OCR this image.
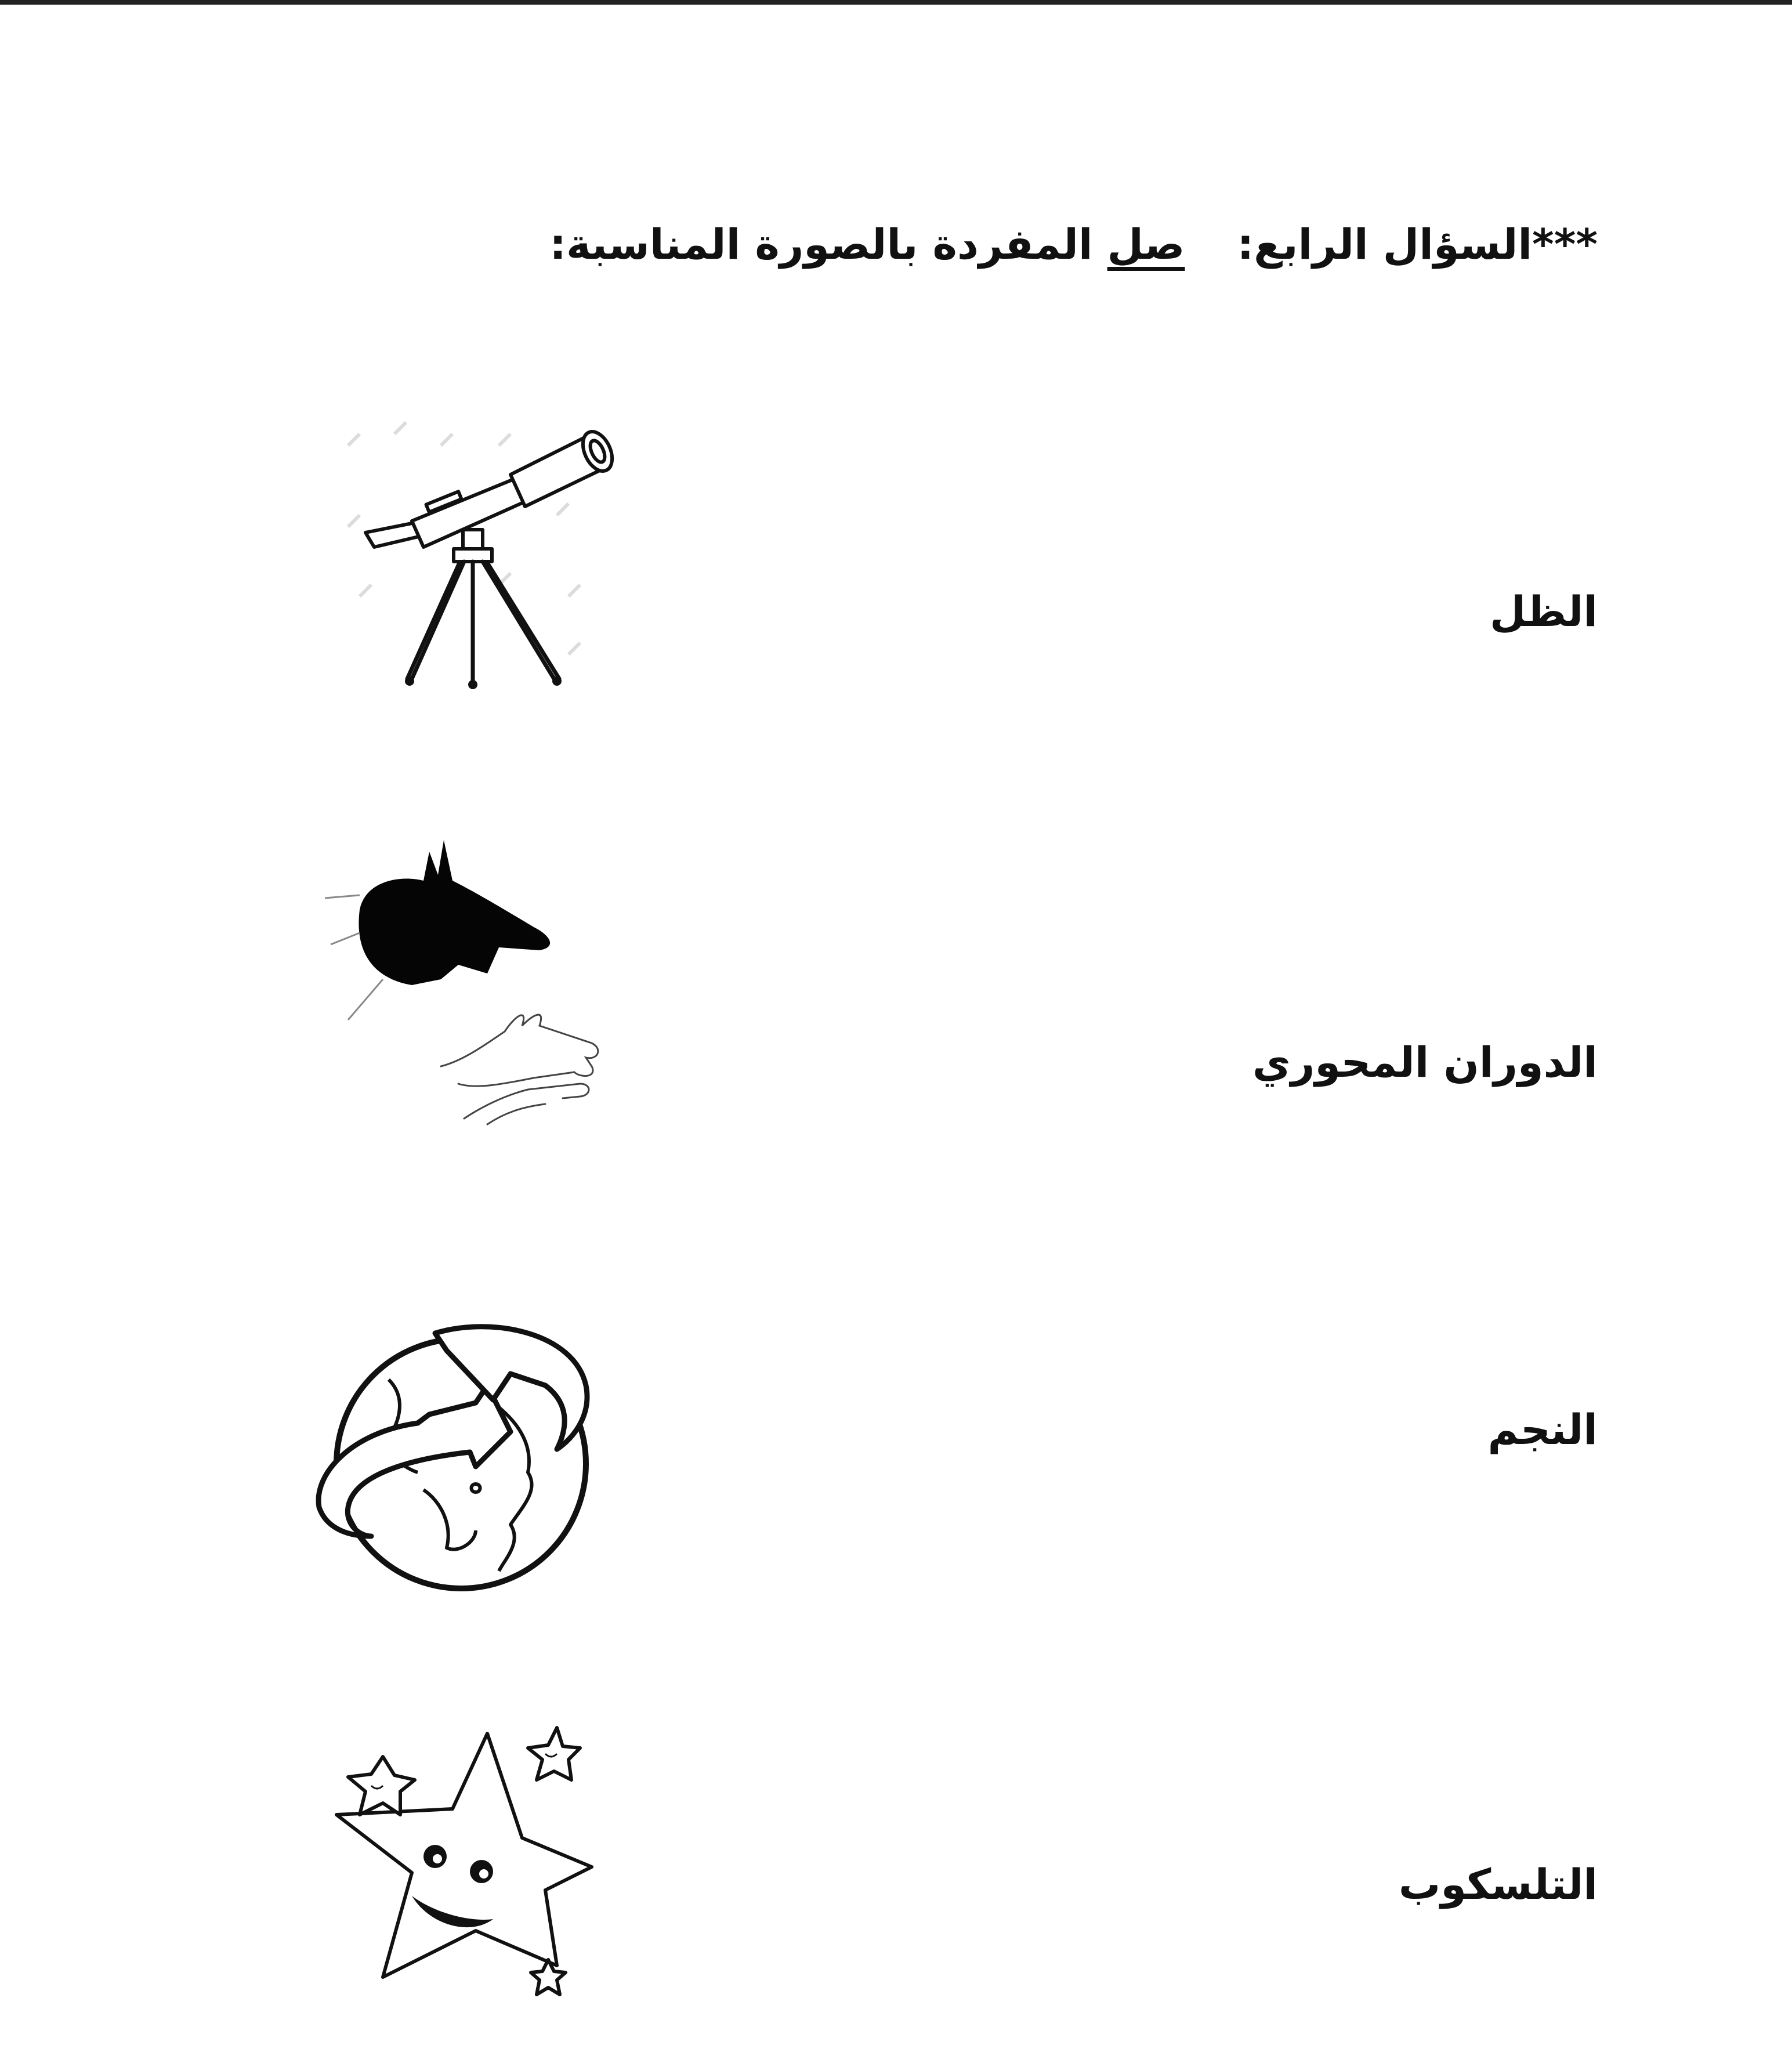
***السؤال الرابع:صل المفردة بالصورة المناسبة:
الظل
الدوران المحوري
النجم
التلسكوب
